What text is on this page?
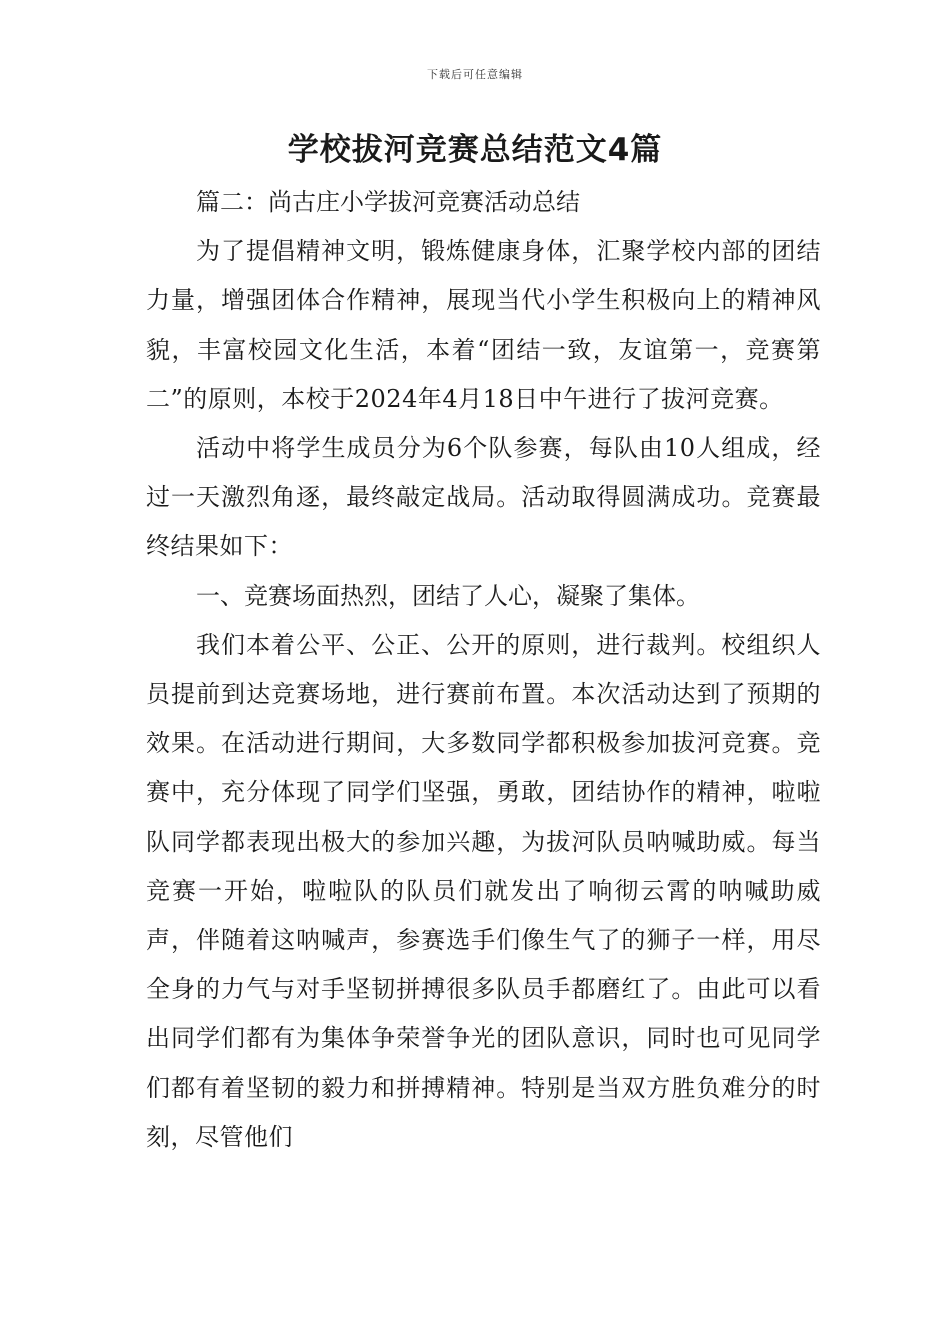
下载后可任意编辑
学校拔河竞赛总结范文4篇

篇二：尚古庄小学拔河竞赛活动总结

为了提倡精神文明，锻炼健康身体，汇聚学校内部的团结力量，增强团体合作精神，展现当代小学生积极向上的精神风貌，丰富校园文化生活，本着“团结一致，友谊第一，竞赛第二”的原则，本校于2024年4月18日中午进行了拔河竞赛。

活动中将学生成员分为6个队参赛，每队由10人组成，经过一天激烈角逐，最终敲定战局。活动取得圆满成功。竞赛最终结果如下：

一、竞赛场面热烈，团结了人心，凝聚了集体。

我们本着公平、公正、公开的原则，进行裁判。校组织人员提前到达竞赛场地，进行赛前布置。本次活动达到了预期的效果。在活动进行期间，大多数同学都积极参加拔河竞赛。竞赛中，充分体现了同学们坚强，勇敢，团结协作的精神，啦啦队同学都表现出极大的参加兴趣，为拔河队员呐喊助威。每当竞赛一开始，啦啦队的队员们就发出了响彻云霄的呐喊助威声，伴随着这呐喊声，参赛选手们像生气了的狮子一样，用尽全身的力气与对手坚韧拼搏很多队员手都磨红了。由此可以看出同学们都有为集体争荣誉争光的团队意识，同时也可见同学们都有着坚韧的毅力和拼搏精神。特别是当双方胜负难分的时刻，尽管他们
